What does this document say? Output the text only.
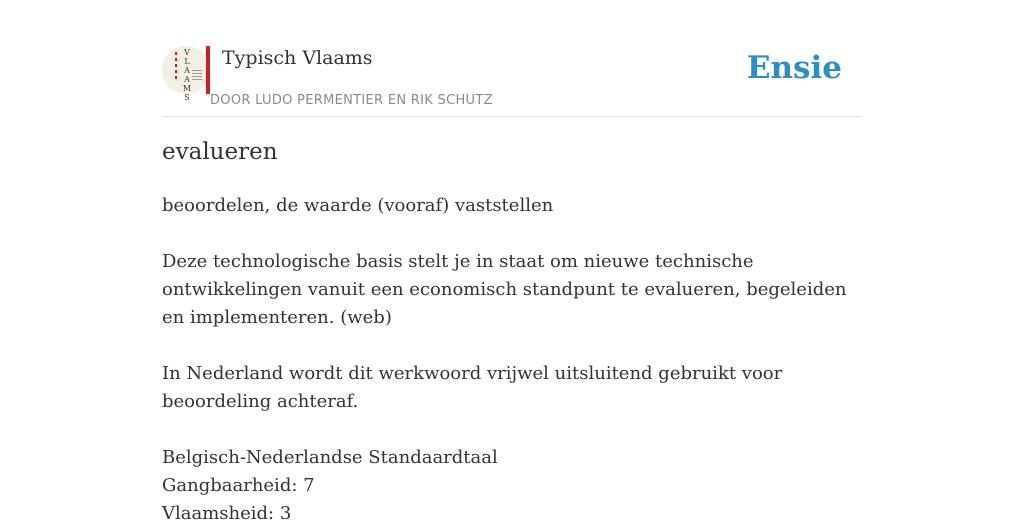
V
L
A
A
M
S
Typisch Vlaams
DOOR LUDO PERMENTIER EN RIK SCHUTZ
Ensie
evalueren

beoordelen, de waarde (vooraf) vaststellen

Deze technologische basis stelt je in staat om nieuwe technische ontwikkelingen vanuit een economisch standpunt te evalueren, begeleiden en implementeren. (web)

In Nederland wordt dit werkwoord vrijwel uitsluitend gebruikt voor beoordeling achteraf.

Belgisch-Nederlandse Standaardtaal
Gangbaarheid: 7
Vlaamsheid: 3
